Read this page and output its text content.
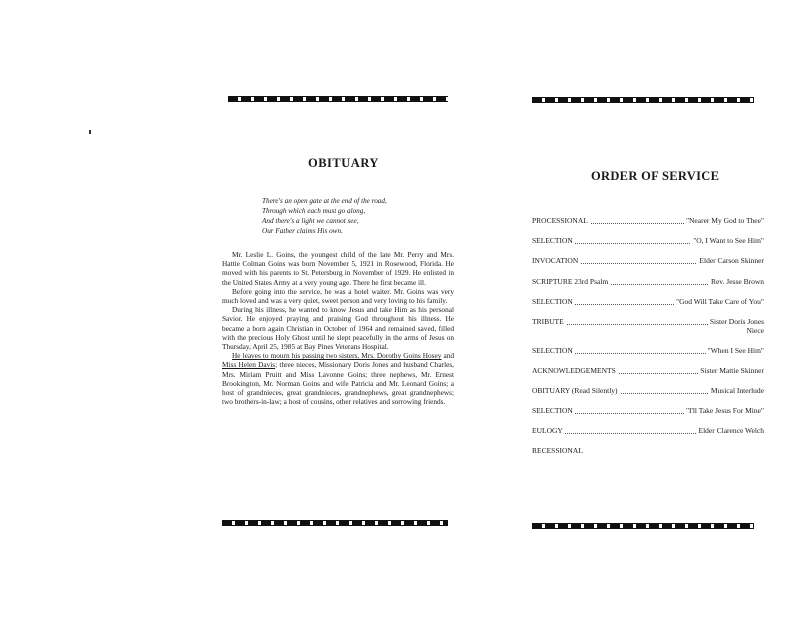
OBITUARY
There's an open gate at the end of the road,
Through which each must go along,
And there's a light we cannot see,
Our Father claims His own.

Mr. Leslie L. Goins, the youngest child of the late Mr. Perry and Mrs. Hattie Colman Goins was born November 5, 1921 in Rosewood, Florida. He moved with his parents to St. Petersburg in November of 1929. He enlisted in the United States Army at a very young age. There he first became ill.

Before going into the service, he was a hotel waiter. Mr. Goins was very much loved and was a very quiet, sweet person and very loving to his family.

During his illness, he wanted to know Jesus and take Him as his personal Savior. He enjoyed praying and praising God throughout his illness. He became a born again Christian in October of 1964 and remained saved, filled with the precious Holy Ghost until he slept peacefully in the arms of Jesus on Thursday, April 25, 1985 at Bay Pines Veterans Hospital.

He leaves to mourn his passing two sisters, Mrs. Dorothy Goins Hosey and Miss Helen Davis; three nieces, Missionary Doris Jones and husband Charles, Mrs. Miriam Pruitt and Miss Lavonne Goins; three nephews, Mr. Ernest Brookington, Mr. Norman Goins and wife Patricia and Mr. Leonard Goins; a host of grandnieces, great grandnieces, grandnephews, great grandnephews; two brothers-in-law; a host of cousins, other relatives and sorrowing friends.

ORDER OF SERVICE
PROCESSIONAL	"Nearer My God to Thee"
SELECTION	"O, I Want to See Him"
INVOCATION	Elder Carson Skinner
SCRIPTURE 23rd Psalm	Rev. Jesse Brown
SELECTION	"God Will Take Care of You"
TRIBUTE	Sister Doris Jones
Niece
SELECTION	"When I See Him"
ACKNOWLEDGEMENTS	Sister Mattie Skinner
OBITUARY (Read Silently)	Musical Interlude
SELECTION	"I'll Take Jesus For Mine"
EULOGY	Elder Clarence Welch
RECESSIONAL
